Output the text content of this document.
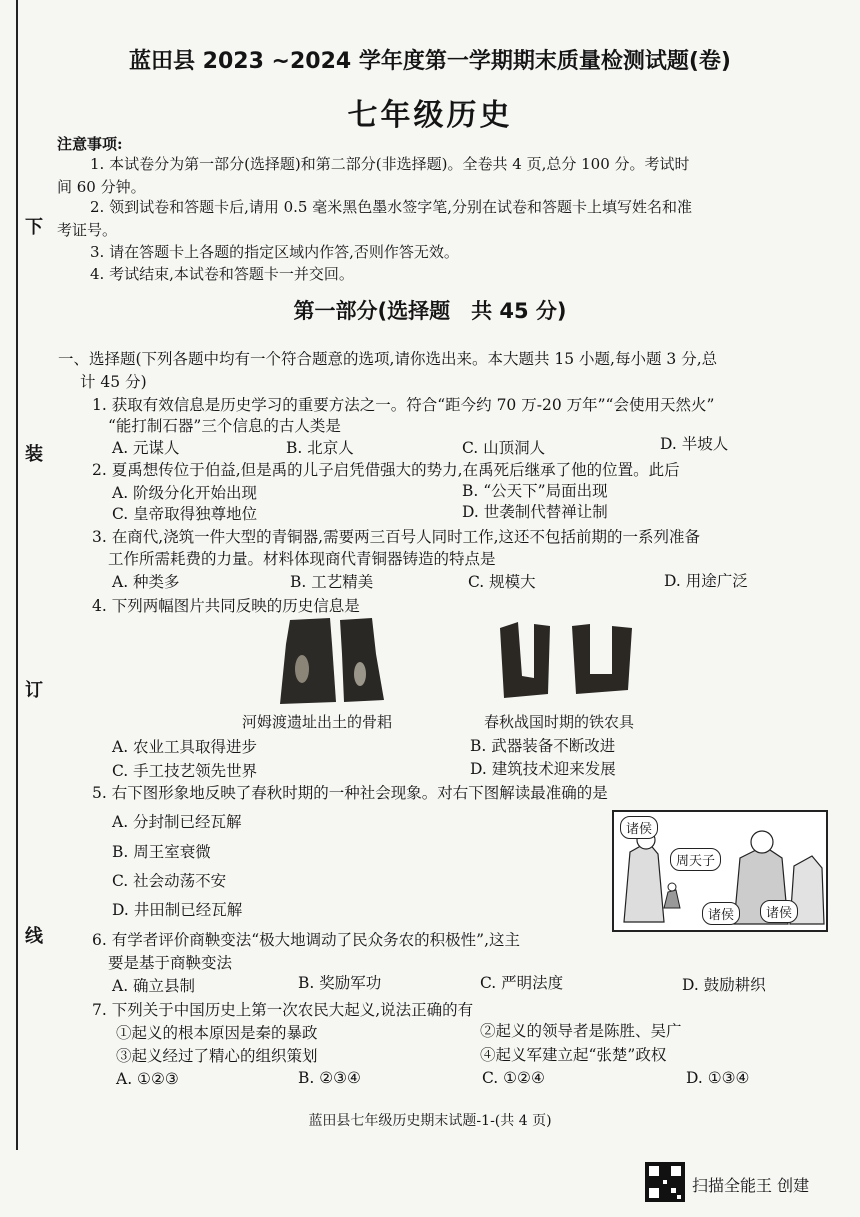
下
装
订
线
蓝田县 2023 ~2024 学年度第一学期期末质量检测试题(卷)
七年级历史
注意事项:
1. 本试卷分为第一部分(选择题)和第二部分(非选择题)。全卷共 4 页,总分 100 分。考试时
间 60 分钟。
2. 领到试卷和答题卡后,请用 0.5 毫米黑色墨水签字笔,分别在试卷和答题卡上填写姓名和准
考证号。
3. 请在答题卡上各题的指定区域内作答,否则作答无效。
4. 考试结束,本试卷和答题卡一并交回。
第一部分(选择题　共 45 分)
一、选择题(下列各题中均有一个符合题意的选项,请你选出来。本大题共 15 小题,每小题 3 分,总
计 45 分)
1. 获取有效信息是历史学习的重要方法之一。符合“距今约 70 万-20 万年”“会使用天然火”
“能打制石器”三个信息的古人类是
A. 元谋人	B. 北京人	C. 山顶洞人	D. 半坡人
2. 夏禹想传位于伯益,但是禹的儿子启凭借强大的势力,在禹死后继承了他的位置。此后
A. 阶级分化开始出现	B. “公天下”局面出现
C. 皇帝取得独尊地位	D. 世袭制代替禅让制
3. 在商代,浇筑一件大型的青铜器,需要两三百号人同时工作,这还不包括前期的一系列准备
工作所需耗费的力量。材料体现商代青铜器铸造的特点是
A. 种类多	B. 工艺精美	C. 规模大	D. 用途广泛
4. 下列两幅图片共同反映的历史信息是
河姆渡遗址出土的骨耜	春秋战国时期的铁农具
A. 农业工具取得进步	B. 武器装备不断改进
C. 手工技艺领先世界	D. 建筑技术迎来发展
5. 右下图形象地反映了春秋时期的一种社会现象。对右下图解读最准确的是
A. 分封制已经瓦解
B. 周王室衰微
C. 社会动荡不安
D. 井田制已经瓦解
诸侯
周天子
诸侯	诸侯
6. 有学者评价商鞅变法“极大地调动了民众务农的积极性”,这主
要是基于商鞅变法
A. 确立县制	B. 奖励军功	C. 严明法度	D. 鼓励耕织
7. 下列关于中国历史上第一次农民大起义,说法正确的有
①起义的根本原因是秦的暴政	②起义的领导者是陈胜、吴广
③起义经过了精心的组织策划	④起义军建立起“张楚”政权
A. ①②③	B. ②③④	C. ①②④	D. ①③④
蓝田县七年级历史期末试题-1-(共 4 页)
扫描全能王 创建
